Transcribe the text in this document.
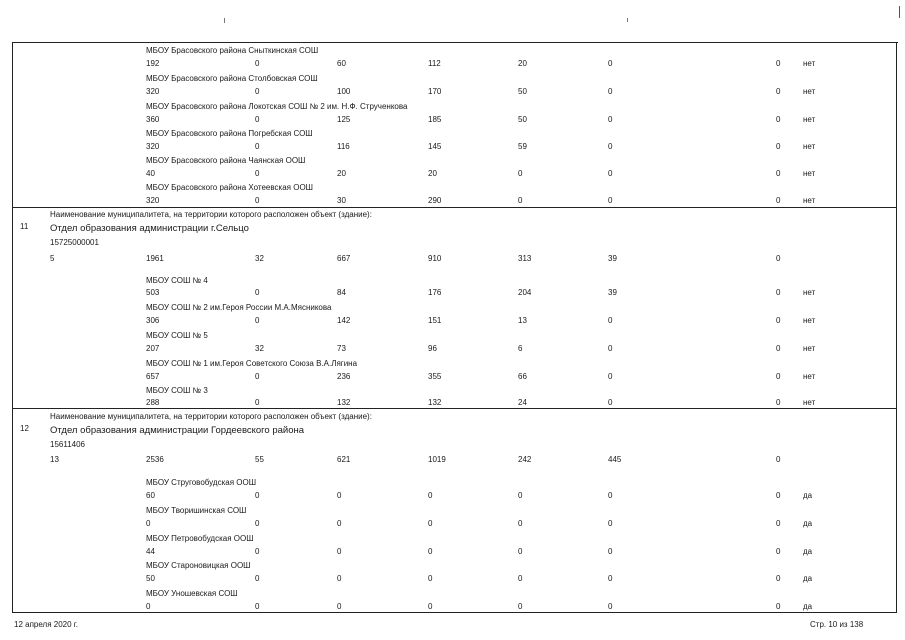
МБОУ Брасовского района Сныткинская СОШ
192	0	60	112	20	0	0	нет
МБОУ Брасовского района Столбовская СОШ
320	0	100	170	50	0	0	нет
МБОУ Брасовского района Локотская СОШ № 2 им. Н.Ф. Струченкова
360	0	125	185	50	0	0	нет
МБОУ Брасовского района Погребская СОШ
320	0	116	145	59	0	0	нет
МБОУ Брасовского района Чаянская ООШ
40	0	20	20	0	0	0	нет
МБОУ Брасовского района Хотеевская ООШ
320	0	30	290	0	0	0	нет
11
Наименование муниципалитета, на территории которого расположен объект (здание):
Отдел образования администрации г.Сельцо
15725000001
5	1961	32	667	910	313	39	0
МБОУ СОШ № 4
503	0	84	176	204	39	0	нет
МБОУ СОШ № 2 им.Героя России М.А.Мясникова
306	0	142	151	13	0	0	нет
МБОУ СОШ № 5
207	32	73	96	6	0	0	нет
МБОУ СОШ № 1 им.Героя Советского Союза В.А.Лягина
657	0	236	355	66	0	0	нет
МБОУ СОШ № 3
288	0	132	132	24	0	0	нет
12
Наименование муниципалитета, на территории которого расположен объект (здание):
Отдел образования администрации Гордеевского района
15611406
13	2536	55	621	1019	242	445	0
МБОУ Струговобудская ООШ
60	0	0	0	0	0	0	да
МБОУ Творишинская СОШ
0	0	0	0	0	0	0	да
МБОУ Петровобудская ООШ
44	0	0	0	0	0	0	да
МБОУ Староновицкая ООШ
50	0	0	0	0	0	0	да
МБОУ Уношевская СОШ
0	0	0	0	0	0	0	да
12 апреля 2020 г.	Стр. 10 из 138
